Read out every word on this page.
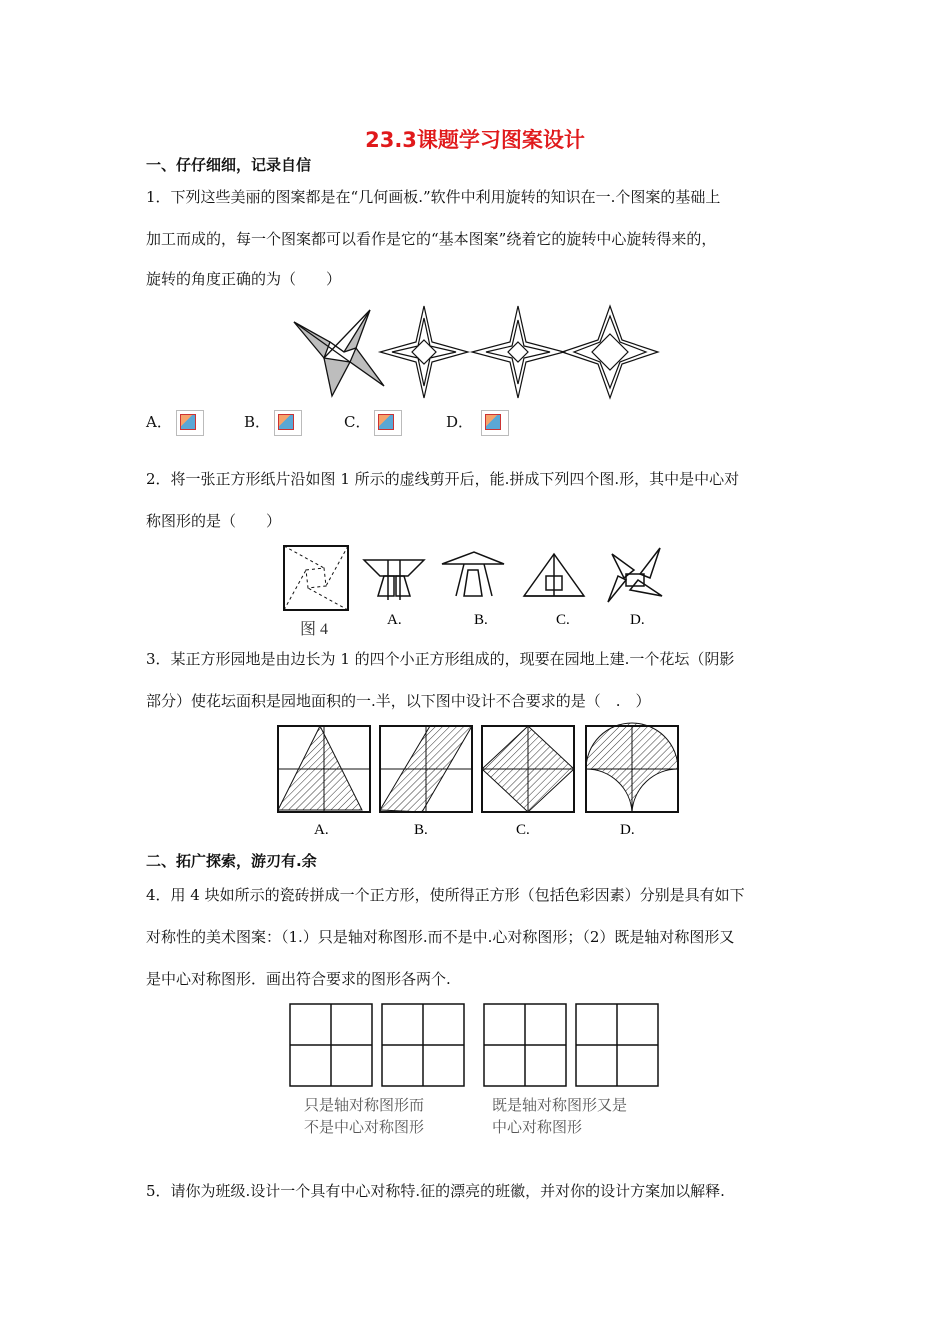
23.3课题学习图案设计
一、仔仔细细，记录自信
1．下列这些美丽的图案都是在“几何画板.”软件中利用旋转的知识在一.个图案的基础上
加工而成的，每一个图案都可以看作是它的“基本图案”绕着它的旋转中心旋转得来的，
旋转的角度正确的为（　　）
A．	B．	C．	D．
2．将一张正方形纸片沿如图 1 所示的虚线剪开后，能.拼成下列四个图.形，其中是中心对
称图形的是（　　）
图 4
A.	B.	C.	D.
3．某正方形园地是由边长为 1 的四个小正方形组成的，现要在园地上建.一个花坛（阴影
部分）使花坛面积是园地面积的一.半，以下图中设计不合要求的是（　.　）
A.	B.	C.	D.
二、拓广探索，游刃有.余
4．用 4 块如所示的瓷砖拼成一个正方形，使所得正方形（包括色彩因素）分别是具有如下
对称性的美术图案：（1.）只是轴对称图形.而不是中.心对称图形；（2）既是轴对称图形又
是中心对称图形．画出符合要求的图形各两个.
只是轴对称图形而
不是中心对称图形
既是轴对称图形又是
中心对称图形
5．请你为班级.设计一个具有中心对称特.征的漂亮的班徽，并对你的设计方案加以解释.
